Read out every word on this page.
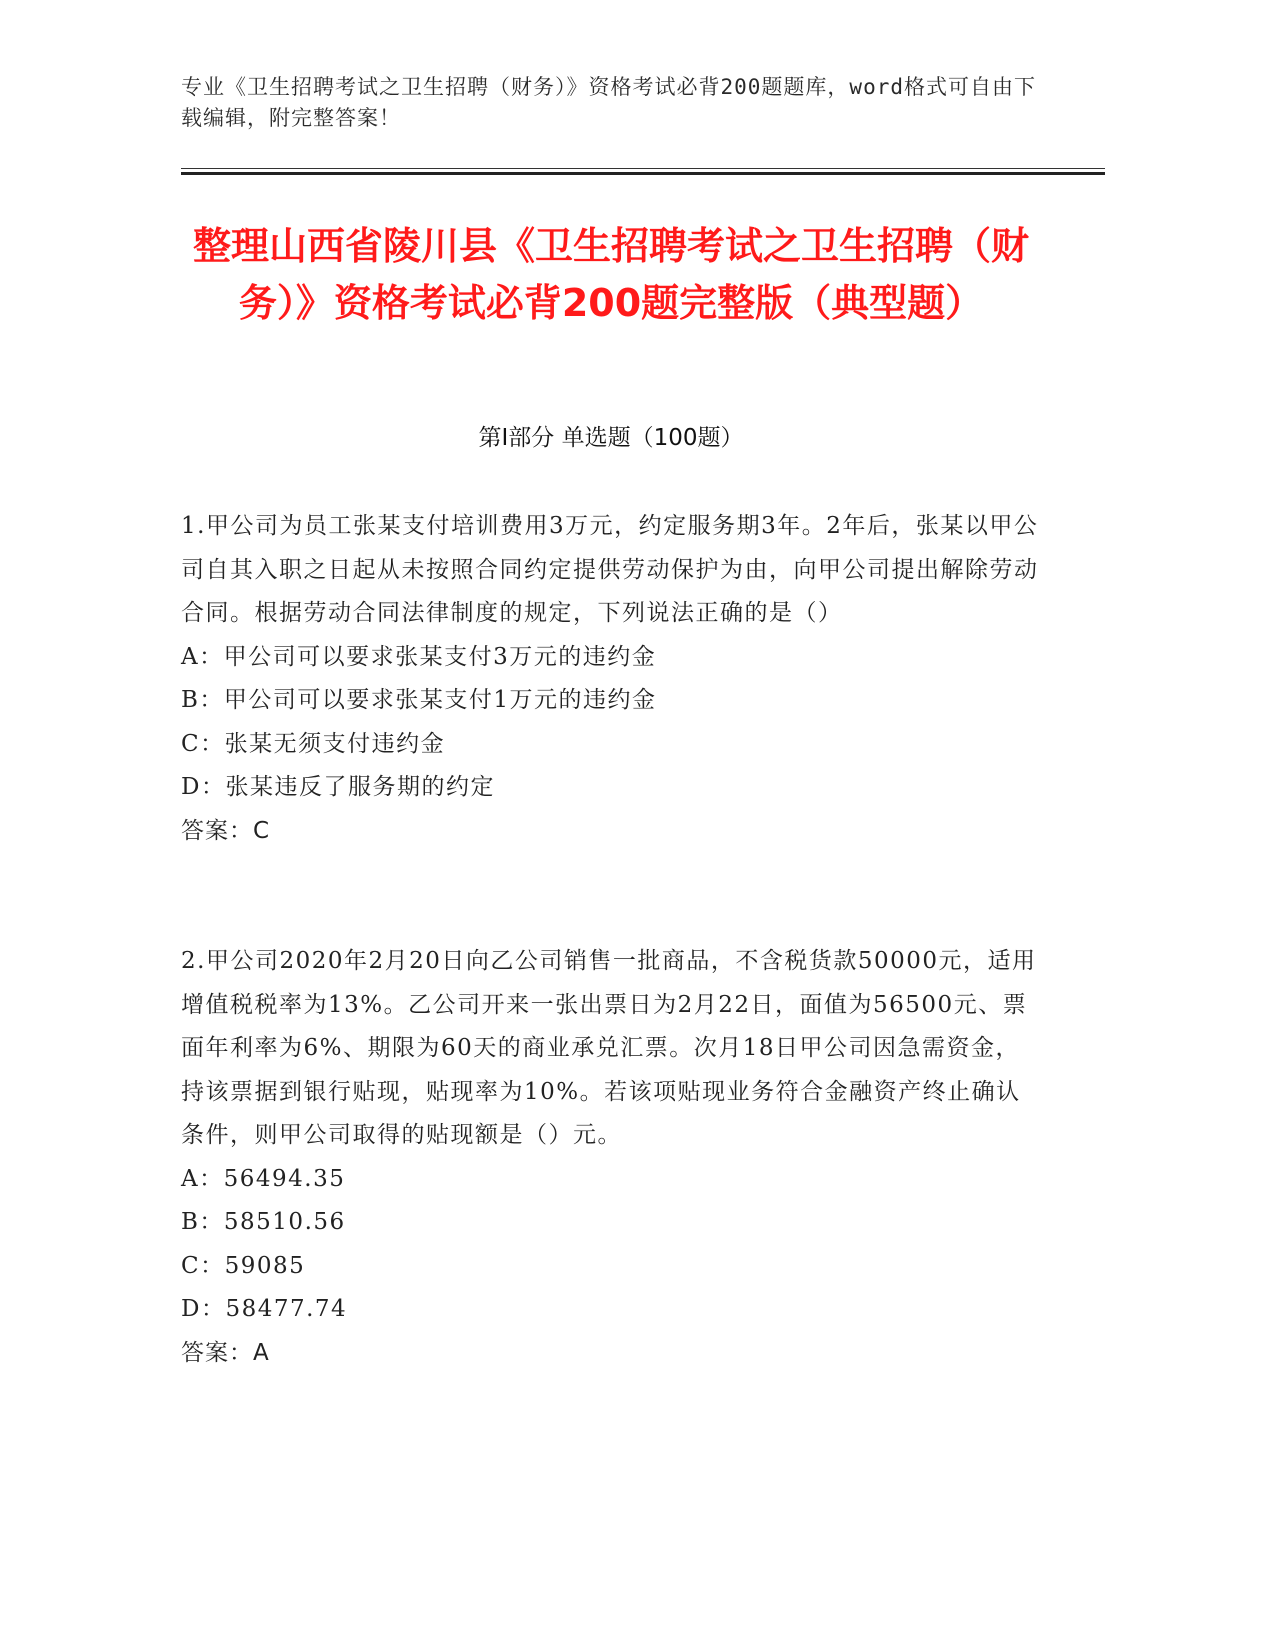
专业《卫生招聘考试之卫生招聘（财务）》资格考试必背200题题库，word格式可自由下载编辑，附完整答案！
整理山西省陵川县《卫生招聘考试之卫生招聘（财务）》资格考试必背200题完整版（典型题）
第Ⅰ部分 单选题（100题）

1.甲公司为员工张某支付培训费用3万元，约定服务期3年。2年后，张某以甲公司自其入职之日起从未按照合同约定提供劳动保护为由，向甲公司提出解除劳动合同。根据劳动合同法律制度的规定，下列说法正确的是（）

A：甲公司可以要求张某支付3万元的违约金

B：甲公司可以要求张某支付1万元的违约金

C：张某无须支付违约金

D：张某违反了服务期的约定

答案：C

2.甲公司2020年2月20日向乙公司销售一批商品，不含税货款50000元，适用增值税税率为13%。乙公司开来一张出票日为2月22日，面值为56500元、票面年利率为6%、期限为60天的商业承兑汇票。次月18日甲公司因急需资金，持该票据到银行贴现，贴现率为10%。若该项贴现业务符合金融资产终止确认条件，则甲公司取得的贴现额是（）元。

A：56494.35

B：58510.56

C：59085

D：58477.74

答案：A
